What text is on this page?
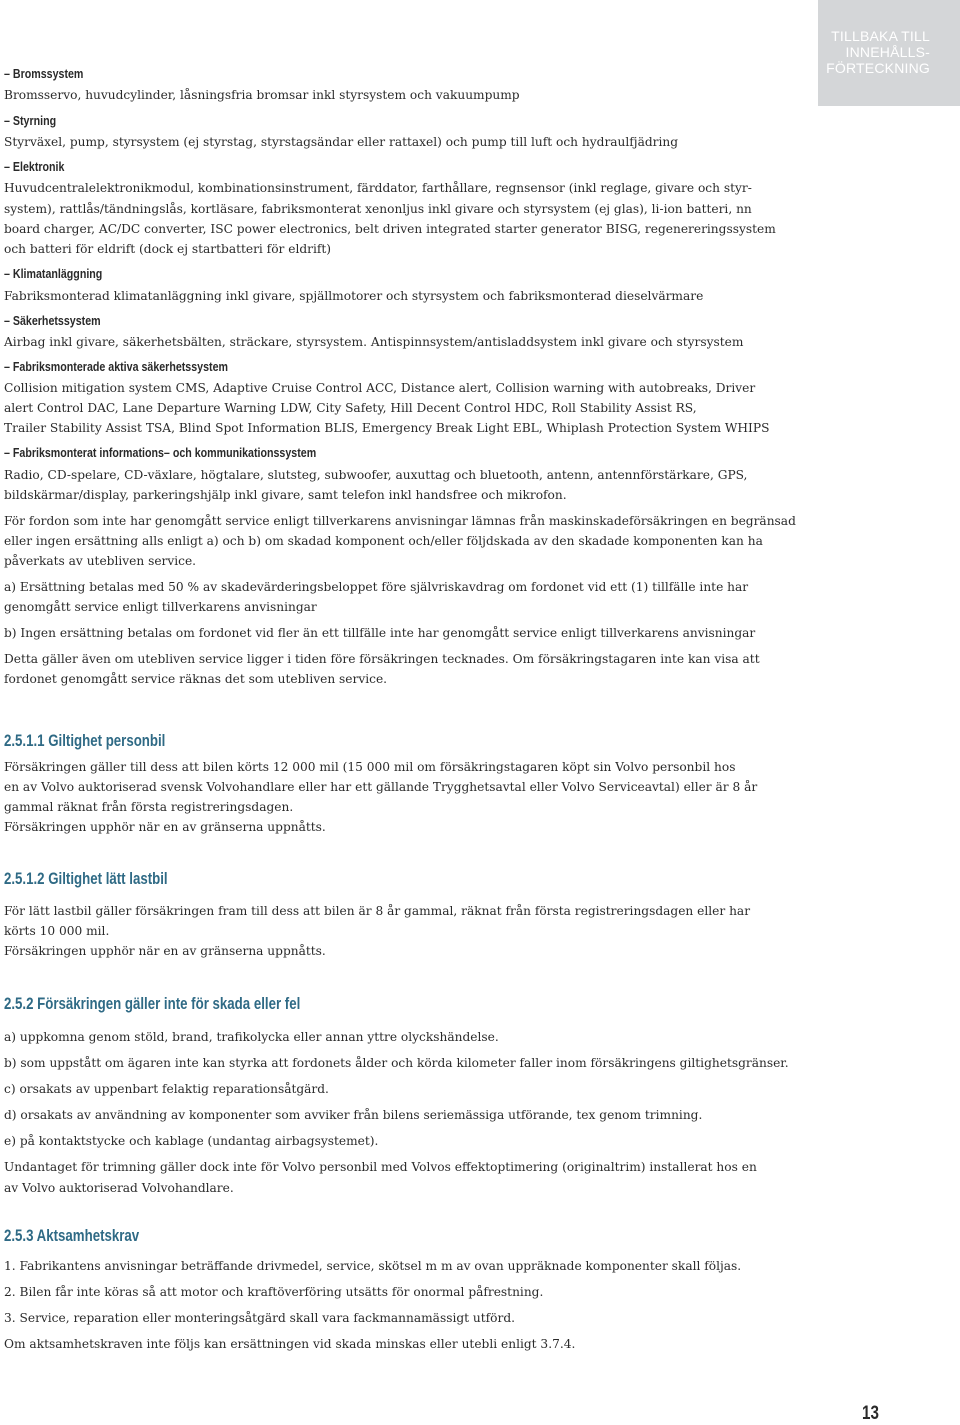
TILLBAKA TILL
INNEHÅLLS-
FÖRTECKNING
– Bromssystem
Bromsservo, huvudcylinder, låsningsfria bromsar inkl styrsystem och vakuumpump
– Styrning
Styrväxel, pump, styrsystem (ej styrstag, styrstagsändar eller rattaxel) och pump till luft och hydraulfjädring
– Elektronik
Huvudcentralelektronikmodul, kombinationsinstrument, färddator, farthållare, regnsensor (inkl reglage, givare och styr-
system), rattlås/tändningslås, kortläsare, fabriksmonterat xenonljus inkl givare och styrsystem (ej glas), li-ion batteri, nn
board charger, AC/DC converter, ISC power electronics, belt driven integrated starter generator BISG, regenereringssystem
och batteri för eldrift (dock ej startbatteri för eldrift)
– Klimatanläggning
Fabriksmonterad klimatanläggning inkl givare, spjällmotorer och styrsystem och fabriksmonterad dieselvärmare
– Säkerhetssystem
Airbag inkl givare, säkerhetsbälten, sträckare, styrsystem. Antispinnsystem/antisladdsystem inkl givare och styrsystem
– Fabriksmonterade aktiva säkerhetssystem
Collision mitigation system CMS, Adaptive Cruise Control ACC, Distance alert, Collision warning with autobreaks, Driver
alert Control DAC, Lane Departure Warning LDW, City Safety, Hill Decent Control HDC, Roll Stability Assist RS,
Trailer Stability Assist TSA, Blind Spot Information BLIS, Emergency Break Light EBL, Whiplash Protection System WHIPS
– Fabriksmonterat informations– och kommunikationssystem
Radio, CD-spelare, CD-växlare, högtalare, slutsteg, subwoofer, auxuttag och bluetooth, antenn, antennförstärkare, GPS,
bildskärmar/display, parkeringshjälp inkl givare, samt telefon inkl handsfree och mikrofon.
För fordon som inte har genomgått service enligt tillverkarens anvisningar lämnas från maskinskadeförsäkringen en begränsad
eller ingen ersättning alls enligt a) och b) om skadad komponent och/eller följdskada av den skadade komponenten kan ha
påverkats av utebliven service.
a) Ersättning betalas med 50 % av skadevärderingsbeloppet före självriskavdrag om fordonet vid ett (1) tillfälle inte har
genomgått service enligt tillverkarens anvisningar
b) Ingen ersättning betalas om fordonet vid fler än ett tillfälle inte har genomgått service enligt tillverkarens anvisningar
Detta gäller även om utebliven service ligger i tiden före försäkringen tecknades. Om försäkringstagaren inte kan visa att
fordonet genomgått service räknas det som utebliven service.
2.5.1.1 Giltighet personbil
Försäkringen gäller till dess att bilen körts 12 000 mil (15 000 mil om försäkringstagaren köpt sin Volvo personbil hos
en av Volvo auktoriserad svensk Volvohandlare eller har ett gällande Trygghetsavtal eller Volvo Serviceavtal) eller är 8 år
gammal räknat från första registreringsdagen.
Försäkringen upphör när en av gränserna uppnåtts.
2.5.1.2 Giltighet lätt lastbil
För lätt lastbil gäller försäkringen fram till dess att bilen är 8 år gammal, räknat från första registreringsdagen eller har
körts 10 000 mil.
Försäkringen upphör när en av gränserna uppnåtts.
2.5.2 Försäkringen gäller inte för skada eller fel
a) uppkomna genom stöld, brand, trafikolycka eller annan yttre olyckshändelse.
b) som uppstått om ägaren inte kan styrka att fordonets ålder och körda kilometer faller inom försäkringens giltighetsgränser.
c) orsakats av uppenbart felaktig reparationsåtgärd.
d) orsakats av användning av komponenter som avviker från bilens seriemässiga utförande, tex genom trimning.
e) på kontaktstycke och kablage (undantag airbagsystemet).
Undantaget för trimning gäller dock inte för Volvo personbil med Volvos effektoptimering (originaltrim) installerat hos en
av Volvo auktoriserad Volvohandlare.
2.5.3 Aktsamhetskrav
1. Fabrikantens anvisningar beträffande drivmedel, service, skötsel m m av ovan uppräknade komponenter skall följas.
2. Bilen får inte köras så att motor och kraftöverföring utsätts för onormal påfrestning.
3. Service, reparation eller monteringsåtgärd skall vara fackmannamässigt utförd.
Om aktsamhetskraven inte följs kan ersättningen vid skada minskas eller utebli enligt 3.7.4.
13
